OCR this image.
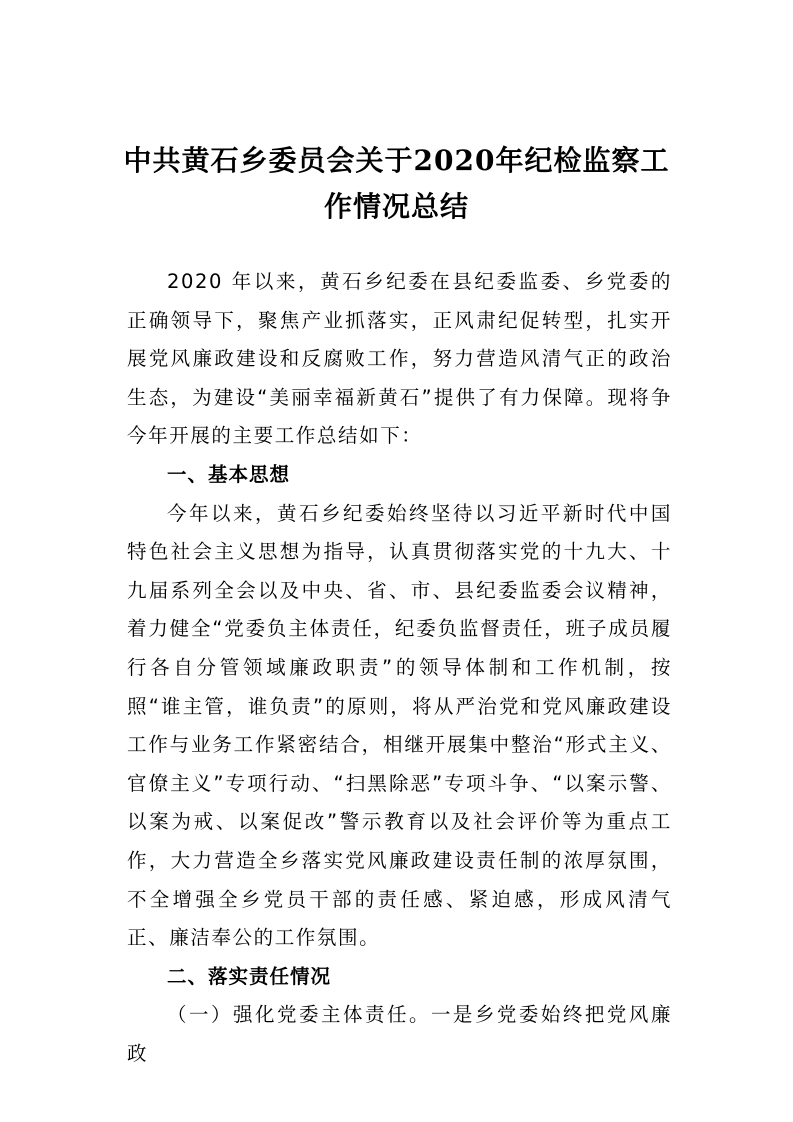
中共黄石乡委员会关于2020年纪检监察工作情况总结

2020 年以来，黄石乡纪委在县纪委监委、乡党委的正确领导下，聚焦产业抓落实，正风肃纪促转型，扎实开展党风廉政建设和反腐败工作，努力营造风清气正的政治生态，为建设“美丽幸福新黄石”提供了有力保障。现将争今年开展的主要工作总结如下：

一、基本思想

今年以来，黄石乡纪委始终坚待以习近平新时代中国特色社会主义思想为指导，认真贯彻落实党的十九大、十九届系列全会以及中央、省、市、县纪委监委会议精神，着力健全“党委负主体责任，纪委负监督责任，班子成员履行各自分管领域廉政职责”的领导体制和工作机制，按照“谁主管，谁负责”的原则，将从严治党和党风廉政建设工作与业务工作紧密结合，相继开展集中整治“形式主义、官僚主义”专项行动、“扫黑除恶”专项斗争、“以案示警、以案为戒、以案促改”警示教育以及社会评价等为重点工作，大力营造全乡落实党风廉政建设责任制的浓厚氛围，不全增强全乡党员干部的责任感、紧迫感，形成风清气正、廉洁奉公的工作氛围。

二、落实责任情况

（一）强化党委主体责任。一是乡党委始终把党风廉政
